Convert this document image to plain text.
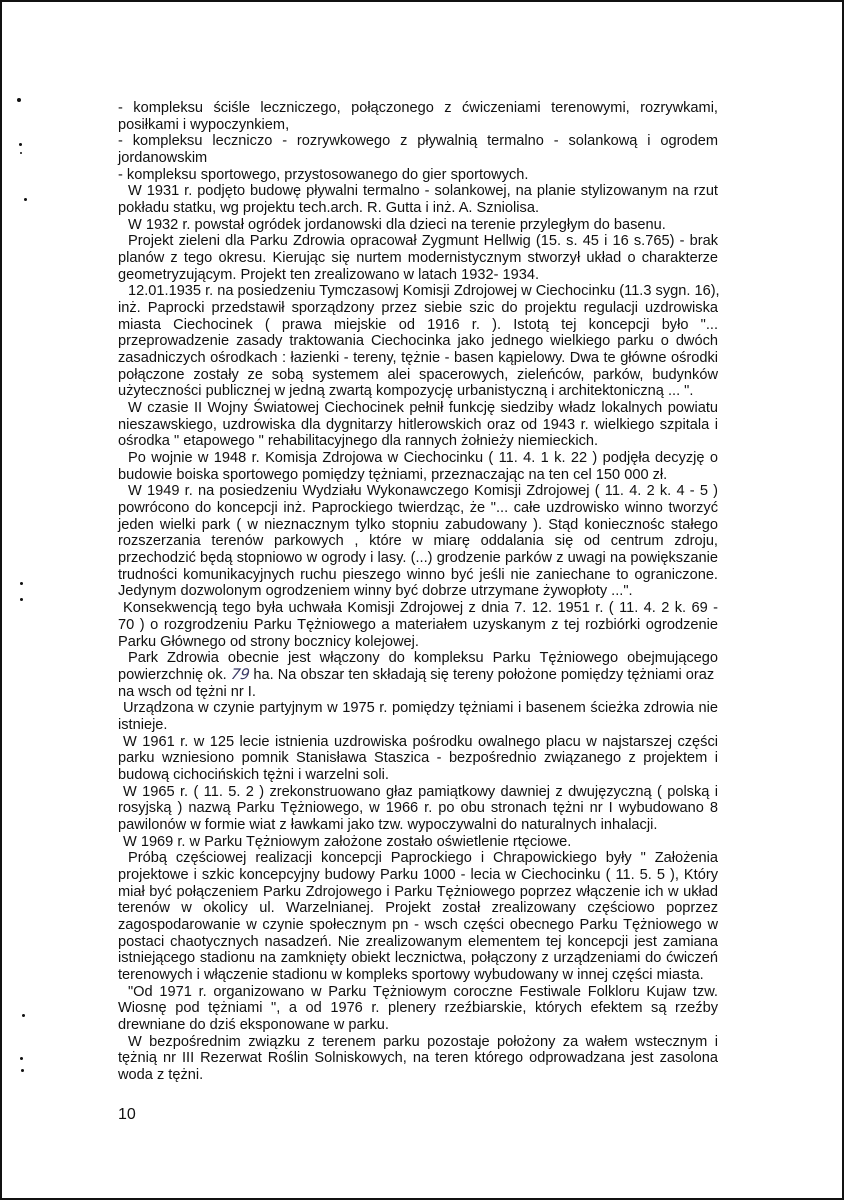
- kompleksu ściśle leczniczego, połączonego z ćwiczeniami terenowymi, rozrywkami,
posiłkami i wypoczynkiem,
- kompleksu leczniczo - rozrywkowego z pływalnią termalno - solankową i ogrodem
jordanowskim
- kompleksu sportowego, przystosowanego do gier sportowych.
W 1931 r. podjęto budowę pływalni termalno - solankowej, na planie stylizowanym na rzut
pokładu statku, wg projektu tech.arch. R. Gutta i inż. A. Szniolisa.
W 1932 r. powstał ogródek jordanowski dla dzieci na terenie przyległym do basenu.
Projekt zieleni dla Parku Zdrowia opracował Zygmunt Hellwig (15. s. 45 i 16 s.765) - brak
planów z tego okresu. Kierując się nurtem modernistycznym stworzył układ o charakterze
geometryzującym. Projekt ten zrealizowano w latach 1932- 1934.
12.01.1935 r. na posiedzeniu Tymczasowj Komisji Zdrojowej w Ciechocinku (11.3 sygn. 16),
inż. Paprocki przedstawił sporządzony przez siebie szic do projektu regulacji uzdrowiska
miasta Ciechocinek ( prawa miejskie od 1916 r. ). Istotą tej koncepcji było "...
przeprowadzenie zasady traktowania Ciechocinka jako jednego wielkiego parku o dwóch
zasadniczych ośrodkach : łazienki - tereny, tężnie - basen kąpielowy. Dwa te główne ośrodki
połączone zostały ze sobą systemem alei spacerowych, zieleńców, parków, budynków
użyteczności publicznej w jedną zwartą kompozycję urbanistyczną i architektoniczną ... ".
W czasie II Wojny Światowej Ciechocinek pełnił funkcję siedziby władz lokalnych powiatu
nieszawskiego, uzdrowiska dla dygnitarzy hitlerowskich oraz od 1943 r. wielkiego szpitala i
ośrodka " etapowego " rehabilitacyjnego dla rannych żołnieży niemieckich.
Po wojnie w 1948 r. Komisja Zdrojowa w Ciechocinku ( 11. 4. 1 k. 22 ) podjęła decyzję o
budowie boiska sportowego pomiędzy tężniami, przeznaczając na ten cel 150 000 zł.
W 1949 r. na posiedzeniu Wydziału Wykonawczego Komisji Zdrojowej ( 11. 4. 2 k. 4 - 5 )
powrócono do koncepcji inż. Paprockiego twierdząc, że "... całe uzdrowisko winno tworzyć
jeden wielki park ( w nieznacznym tylko stopniu zabudowany ). Stąd koniecznośc stałego
rozszerzania terenów parkowych , które w miarę oddalania się od centrum zdroju,
przechodzić będą stopniowo w ogrody i lasy. (...) grodzenie parków z uwagi na powiększanie
trudności komunikacyjnych ruchu pieszego winno być jeśli nie zaniechane to ograniczone.
Jedynym dozwolonym ogrodzeniem winny być dobrze utrzymane żywopłoty ...".
Konsekwencją tego była uchwała Komisji Zdrojowej z dnia 7. 12. 1951 r. ( 11. 4. 2 k. 69 -
70 ) o rozgrodzeniu Parku Tężniowego a materiałem uzyskanym z tej rozbiórki ogrodzenie
Parku Głównego od strony bocznicy kolejowej.
Park Zdrowia obecnie jest włączony do kompleksu Parku Tężniowego obejmującego
powierzchnię ok. 79 ha. Na obszar ten składają się tereny położone pomiędzy tężniami oraz
na wsch od tężni nr I.
Urządzona w czynie partyjnym w 1975 r. pomiędzy tężniami i basenem ścieżka zdrowia nie
istnieje.
W 1961 r. w 125 lecie istnienia uzdrowiska pośrodku owalnego placu w najstarszej części
parku wzniesiono pomnik Stanisława Staszica - bezpośrednio związanego z projektem i
budową cichocińskich tężni i warzelni soli.
W 1965 r. ( 11. 5. 2 ) zrekonstruowano głaz pamiątkowy dawniej z dwujęzyczną ( polską i
rosyjską ) nazwą Parku Tężniowego, w 1966 r. po obu stronach tężni nr I wybudowano 8
pawilonów w formie wiat z ławkami jako tzw. wypoczywalni do naturalnych inhalacji.
W 1969 r. w Parku Tężniowym założone zostało oświetlenie rtęciowe.
Próbą częściowej realizacji koncepcji Paprockiego i Chrapowickiego były " Założenia
projektowe i szkic koncepcyjny budowy Parku 1000 - lecia w Ciechocinku ( 11. 5. 5 ), Który
miał być połączeniem Parku Zdrojowego i Parku Tężniowego poprzez włączenie ich w układ
terenów w okolicy ul. Warzelnianej. Projekt został zrealizowany częściowo poprzez
zagospodarowanie w czynie społecznym pn - wsch części obecnego Parku Tężniowego w
postaci chaotycznych nasadzeń. Nie zrealizowanym elementem tej koncepcji jest zamiana
istniejącego stadionu na zamknięty obiekt lecznictwa, połączony z urządzeniami do ćwiczeń
terenowych i włączenie stadionu w kompleks sportowy wybudowany w innej części miasta.
"Od 1971 r. organizowano w Parku Tężniowym coroczne Festiwale Folkloru Kujaw tzw.
Wiosnę pod tężniami ", a od 1976 r. plenery rzeźbiarskie, których efektem są rzeźby
drewniane do dziś eksponowane w parku.
W bezpośrednim związku z terenem parku pozostaje położony za wałem wstecznym i
tężnią nr III Rezerwat Roślin Solniskowych, na teren którego odprowadzana jest zasolona
woda z tężni.
10
